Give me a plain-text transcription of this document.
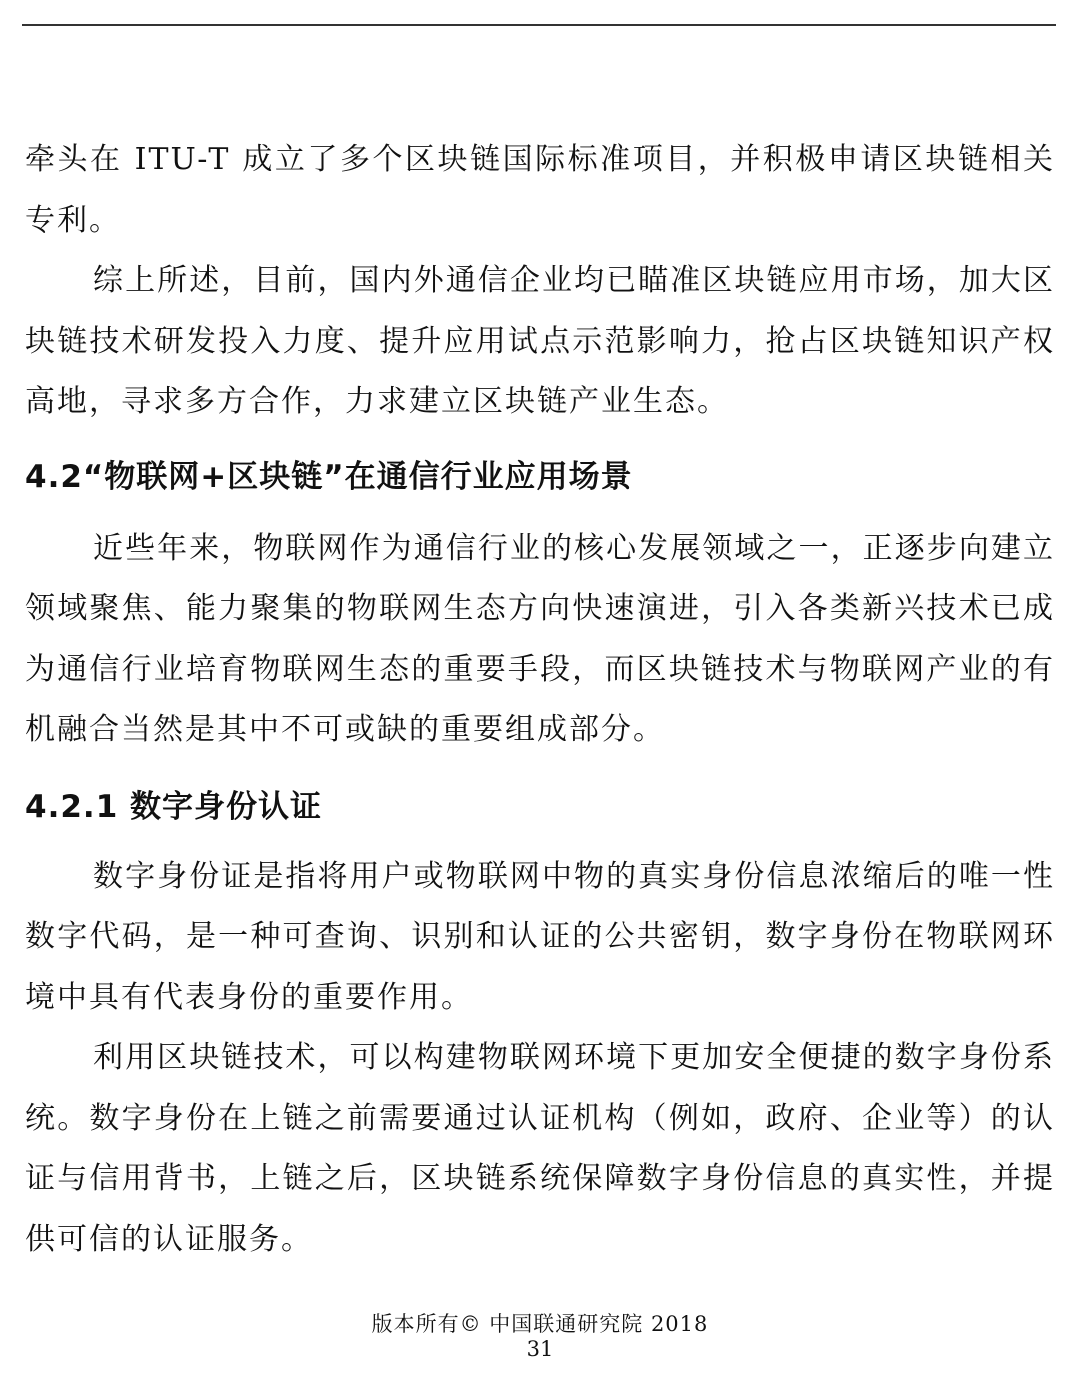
牵头在 ITU-T 成立了多个区块链国际标准项目，并积极申请区块链相关专利。

综上所述，目前，国内外通信企业均已瞄准区块链应用市场，加大区块链技术研发投入力度、提升应用试点示范影响力，抢占区块链知识产权高地，寻求多方合作，力求建立区块链产业生态。

4.2“物联网+区块链”在通信行业应用场景

近些年来，物联网作为通信行业的核心发展领域之一，正逐步向建立领域聚焦、能力聚集的物联网生态方向快速演进，引入各类新兴技术已成为通信行业培育物联网生态的重要手段，而区块链技术与物联网产业的有机融合当然是其中不可或缺的重要组成部分。

4.2.1 数字身份认证

数字身份证是指将用户或物联网中物的真实身份信息浓缩后的唯一性数字代码，是一种可查询、识别和认证的公共密钥，数字身份在物联网环境中具有代表身份的重要作用。

利用区块链技术，可以构建物联网环境下更加安全便捷的数字身份系统。数字身份在上链之前需要通过认证机构（例如，政府、企业等）的认证与信用背书，上链之后，区块链系统保障数字身份信息的真实性，并提供可信的认证服务。

版本所有© 中国联通研究院 2018
31
